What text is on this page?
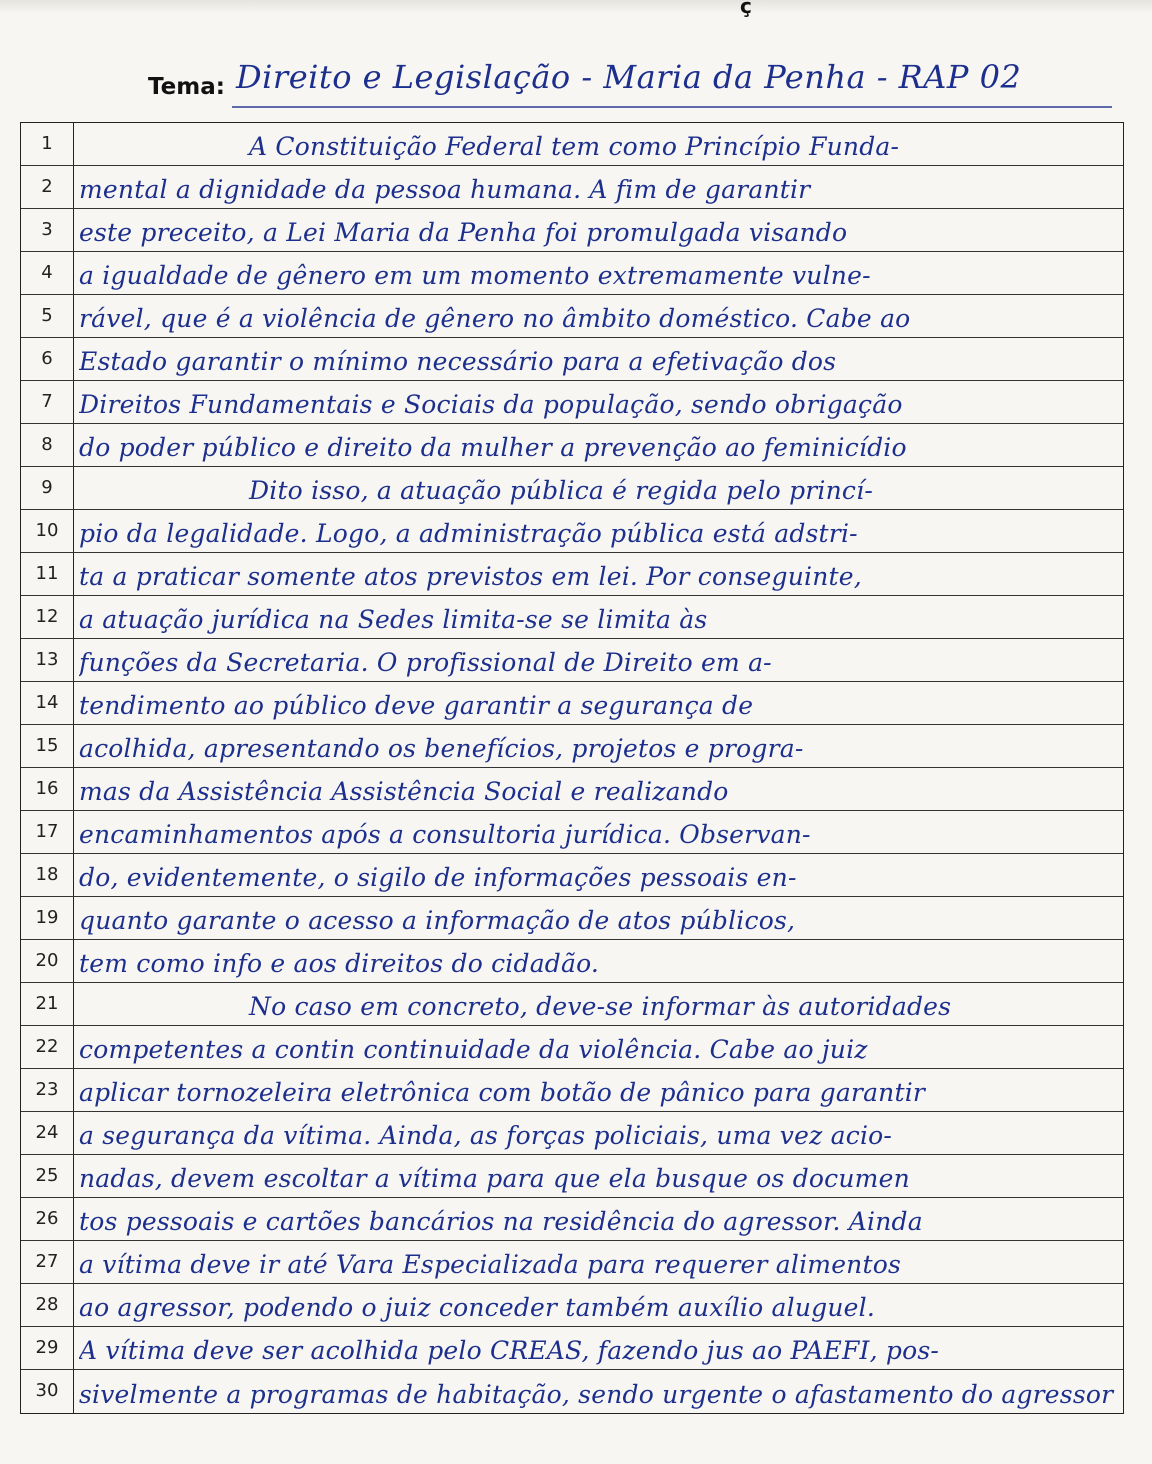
Tema: Direito e Legislação - Maria da Penha - RAP 02
1	A Constituição Federal tem como Princípio Funda-
2	mental a dignidade da pessoa humana. A fim de garantir
3	este preceito, a Lei Maria da Penha foi promulgada visando
4	a igualdade de gênero em um momento extremamente vulne-
5	rável, que é a violência de gênero no âmbito doméstico. Cabe ao
6	Estado garantir o mínimo necessário para a efetivação dos
7	Direitos Fundamentais e Sociais da população, sendo obrigação
8	do poder público e direito da mulher a prevenção ao feminicídio
9	Dito isso, a atuação pública é regida pelo princí-
10 pio da legalidade. Logo, a administração pública está adstri-
11 ta a praticar somente atos previstos em lei. Por conseguinte,
12 a atuação jurídica na Sedes limita-se se limita às
13 funções da Secretaria. O profissional de Direito em a-
14 tendimento ao público deve garantir a segurança de
15 acolhida, apresentando os benefícios, projetos e progra-
16 mas da Assistência Assistência Social e realizando
17 encaminhamentos após a consultoria jurídica. Observan-
18 do, evidentemente, o sigilo de informações pessoais en-
19 quanto garante o acesso a informação de atos públicos,
20 tem como info e aos direitos do cidadão.
21	No caso em concreto, deve-se informar às autoridades
22 competentes a contin continuidade da violência. Cabe ao juiz
23 aplicar tornozeleira eletrônica com botão de pânico para garantir
24 a segurança da vítima. Ainda, as forças policiais, uma vez acio-
25 nadas, devem escoltar a vítima para que ela busque os documen
26 tos pessoais e cartões bancários na residência do agressor. Ainda
27 a vítima deve ir até Vara Especializada para requerer alimentos
28 ao agressor, podendo o juiz conceder também auxílio aluguel.
29 A vítima deve ser acolhida pelo CREAS, fazendo jus ao PAEFI, pos-
30 sivelmente a programas de habitação, sendo urgente o afastamento do agressor
